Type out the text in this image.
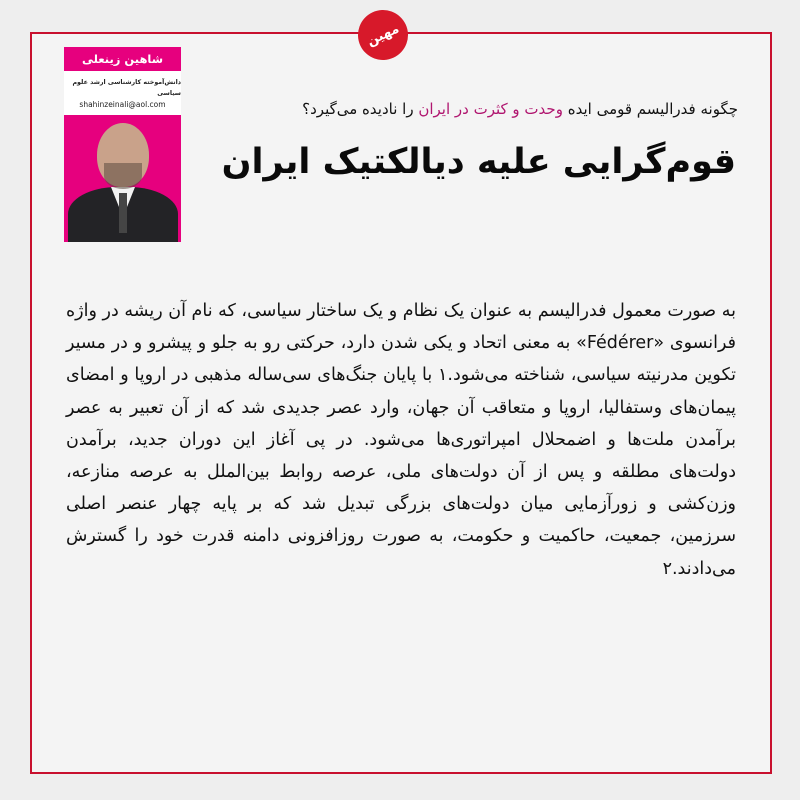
مهین
شاهین زینعلی
دانش‌آموخته کارشناسی ارشد علوم سیاسی
shahinzeinali@aol.com	چگونه فدرالیسم قومی ایده وحدت و کثرت در ایران را نادیده می‌گیرد؟
قوم‌گرایی علیه دیالکتیک ایران
به صورت معمول فدرالیسم به عنوان یک نظام و یک ساختار سیاسی، که نام آن ریشه در واژه فرانسوی «Fédérer» به معنی اتحاد و یکی شدن دارد، حرکتی رو به جلو و پیشرو و در مسیر تکوین مدرنیته سیاسی، شناخته می‌شود.۱ با پایان جنگ‌های سی‌ساله مذهبی در اروپا و امضای پیمان‌های وستفالیا، اروپا و متعاقب آن جهان، وارد عصر جدیدی شد که از آن تعبیر به عصر برآمدن ملت‌ها و اضمحلال امپراتوری‌ها می‌شود. در پی آغاز این دوران جدید، برآمدن دولت‌های مطلقه و پس از آن دولت‌های ملی، عرصه روابط بین‌الملل به عرصه منازعه، وزن‌کشی و زورآزمایی میان دولت‌های بزرگی تبدیل شد که بر پایه چهار عنصر اصلی سرزمین، جمعیت، حاکمیت و حکومت، به صورت روزافزونی دامنه قدرت خود را گسترش می‌دادند.۲
